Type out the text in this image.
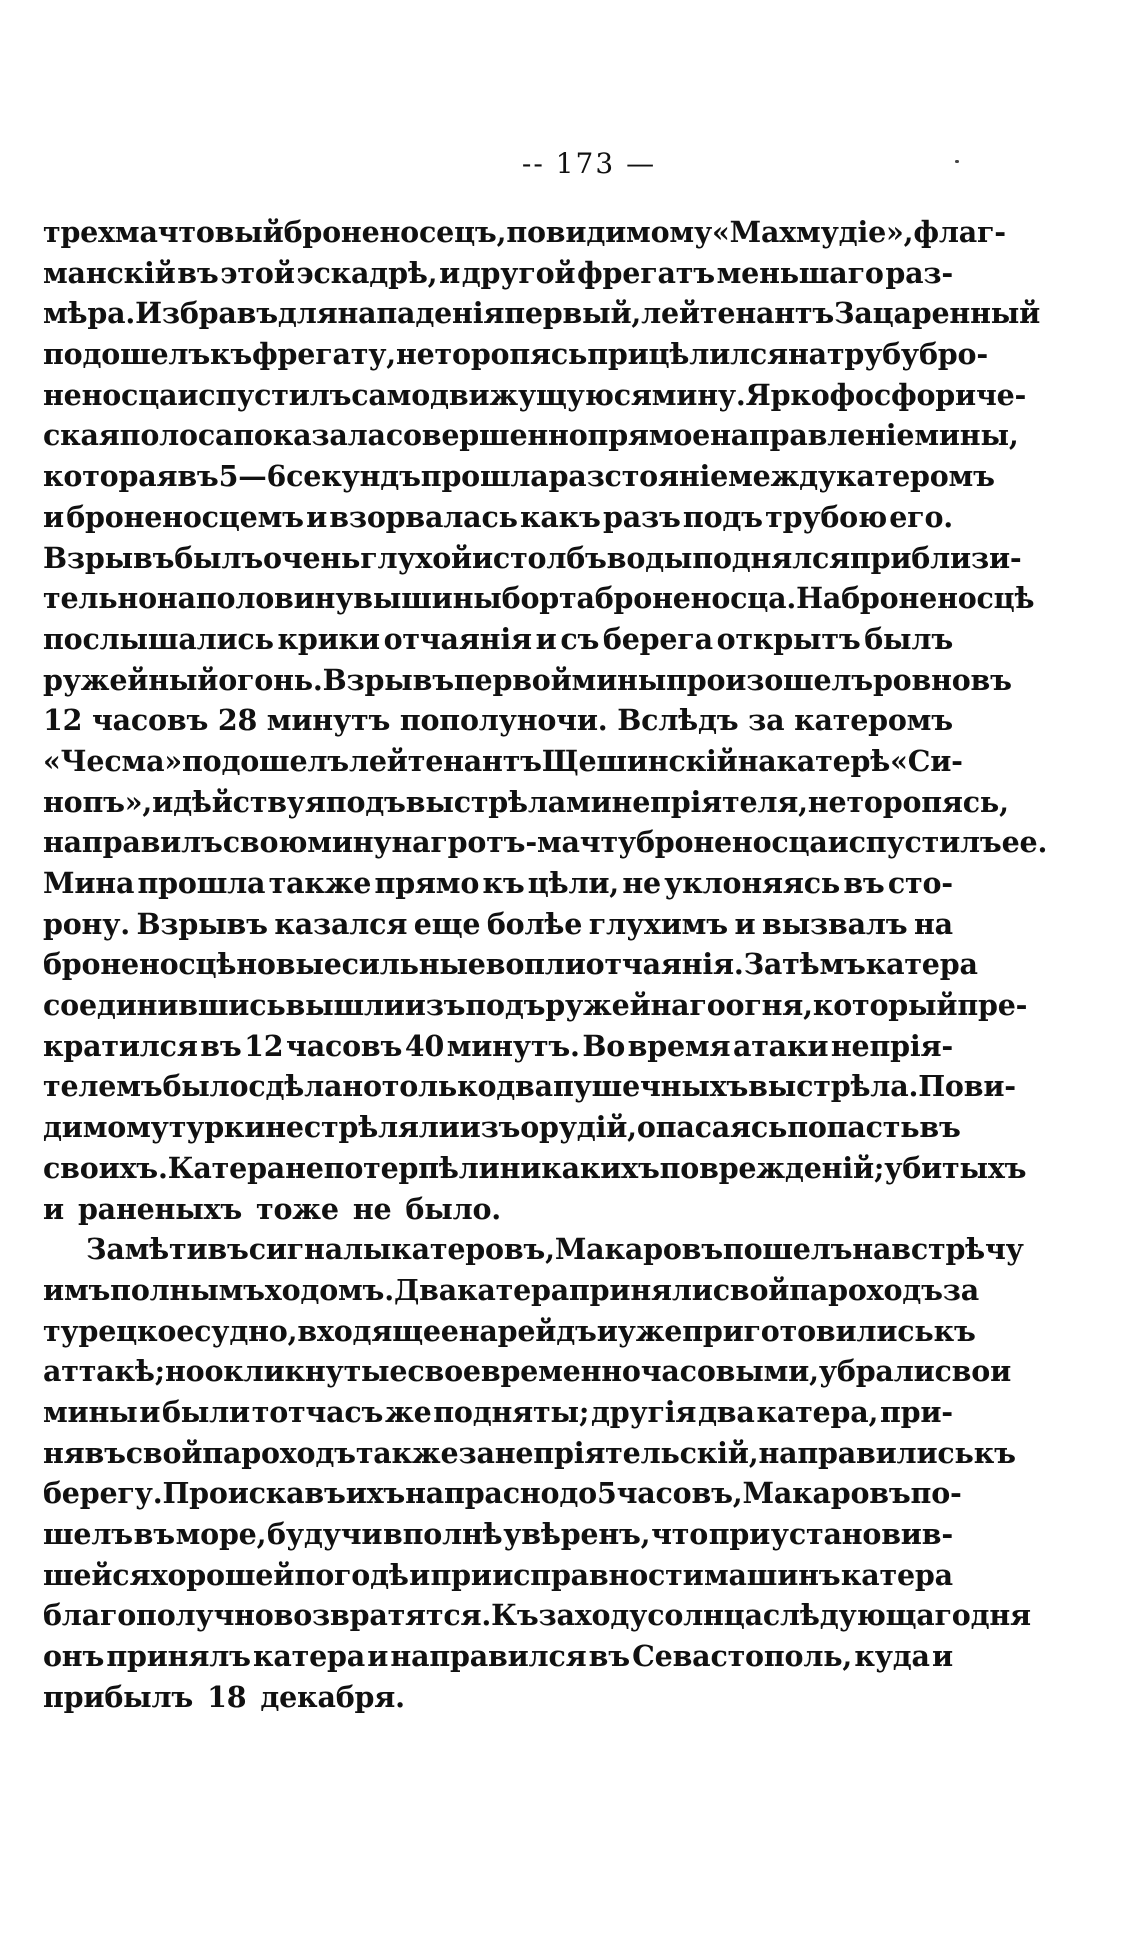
-- 173 —
трехмачтовый броненосецъ, повидимому «Махмудіе», флаг-
манскій въ этой эскадрѣ, и другой фрегатъ меньшаго раз-
мѣра. Избравъ для нападенія первый, лейтенантъ Зацаренный
подошелъ къ фрегату, неторопясь прицѣлился на трубу бро-
неносца и спустилъ самодвижущуюся мину. Ярко фосфориче-
ская полоса показала совершенно прямое направленіе мины,
которая въ 5—6 секундъ прошла разстояніе между катеромъ
и броненосцемъ и взорвалась какъ разъ подъ трубою его.
Взрывъ былъ очень глухой и столбъ воды поднялся приблизи-
тельно на половину вышины борта броненосца. На броненосцѣ
послышались крики отчаянія и съ берега открытъ былъ
ружейный огонь. Взрывъ первой мины произошелъ ровно въ
12 часовъ 28 минутъ пополуночи. Вслѣдъ за катеромъ
«Чесма» подошелъ лейтенантъ Щешинскій на катерѣ «Си-
нопъ», и дѣйствуя подъ выстрѣлами непріятеля, не торопясь,
направилъ свою мину на гротъ-мачту броненосца и спустилъ ее.
Мина прошла также прямо къ цѣли, не уклоняясь въ сто-
рону. Взрывъ казался еще болѣе глухимъ и вызвалъ на
броненосцѣ новые сильные вопли отчаянія. Затѣмъ катера
соединившись вышли изъ подъ ружейнаго огня, который пре-
кратился въ 12 часовъ 40 минутъ. Во время атаки непрія-
телемъ было сдѣлано только два пушечныхъ выстрѣла. Пови-
димому турки не стрѣляли изъ орудій, опасаясь попасть въ
своихъ. Катера не потерпѣли никакихъ поврежденій; убитыхъ
и раненыхъ тоже не было.
Замѣтивъ сигналы катеровъ, Макаровъ пошелъ на встрѣчу
имъ полнымъ ходомъ. Два катера приняли свой пароходъ за
турецкое судно, входящее на рейдъ и уже приготовились къ
аттакѣ; но окликнутые своевременно часовыми, убрали свои
мины и были тотчасъ же подняты; другія два катера, при-
нявъ свой пароходъ также за непріятельскій, направились къ
берегу. Проискавъ ихъ напрасно до 5 часовъ, Макаровъ по-
шелъ въ море, будучи вполнѣ увѣренъ, что при установив-
шейся хорошей погодѣ и при исправности машинъ катера
благополучно возвратятся. Къ заходу солнца слѣдующаго дня
онъ принялъ катера и направился въ Севастополь, куда и
прибылъ 18 декабря.
